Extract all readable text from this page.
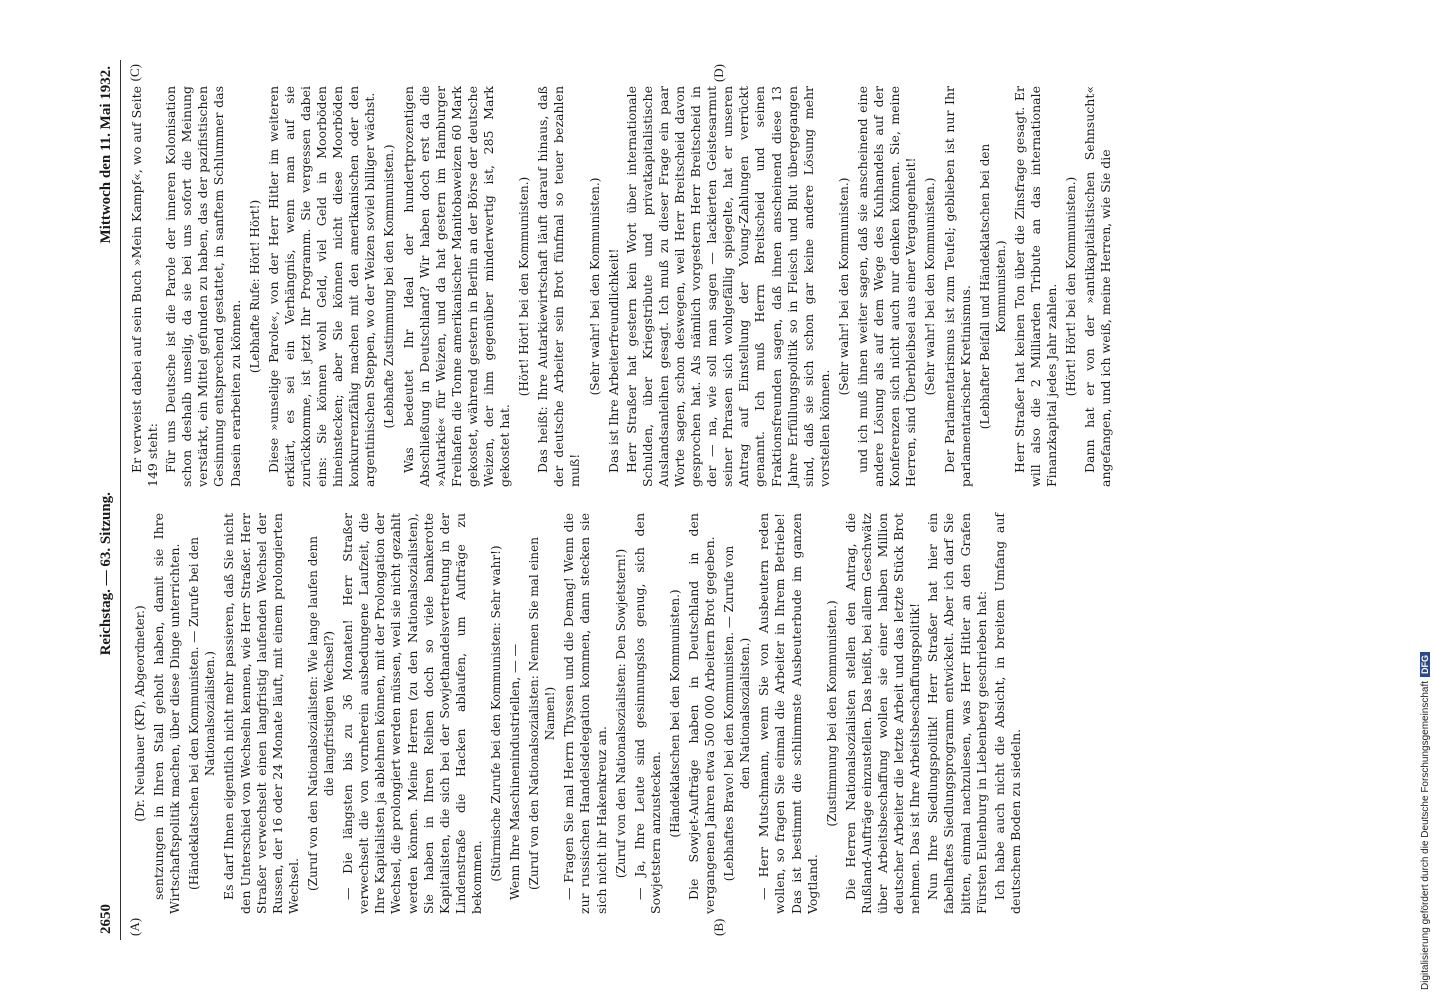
2650
Reichstag. — 63. Sitzung.
Mittwoch den 11. Mai 1932.
(A)	(B)
(C)	(D)

(Dr. Neubauer (KP), Abgeordneter.) sentzungen in Ihren Stall geholt haben, damit sie Ihre Wirtschaftspolitik machen, über diese Dinge unterrichten. (Händeklatschen bei den Kommunisten. — Zurufe bei den Nationalsozialisten.) Es darf Ihnen eigentlich nicht mehr passieren, daß Sie nicht den Unterschied von Wechseln kennen, wie Herr Straßer. Herr Straßer verwechselt einen langfristig laufenden Wechsel der Russen, der 16 oder 24 Monate läuft, mit einem prolongierten Wechsel. (Zuruf von den Nationalsozialisten: Wie lange laufen denn die langfristigen Wechsel?) — Die längsten bis zu 36 Monaten! Herr Straßer verwechselt die von vornherein ausbedungene Laufzeit, die Ihre Kapitalisten ja ablehnen können, mit der Prolongation der Wechsel, die prolongiert werden müssen, weil sie nicht gezahlt werden können. Meine Herren (zu den Nationalsozialisten), Sie haben in Ihren Reihen doch so viele bankerotte Kapitalisten, die sich bei der Sowjethandelsvertretung in der Lindenstraße die Hacken ablaufen, um Aufträge zu bekommen. (Stürmische Zurufe bei den Kommunisten: Sehr wahr!) Wenn Ihre Maschinenindustriellen, — — (Zuruf von den Nationalsozialisten: Nennen Sie mal einen Namen!) — Fragen Sie mal Herrn Thyssen und die Demag! Wenn die zur russischen Handelsdelegation kommen, dann stecken sie sich nicht ihr Hakenkreuz an. (Zuruf von den Nationalsozialisten: Den Sowjetstern!) — Ja, Ihre Leute sind gesinnungslos genug, sich den Sowjetstern anzustecken. (Händeklatschen bei den Kommunisten.) Die Sowjet-Aufträge haben in Deutschland in den vergangenen Jahren etwa 500 000 Arbeitern Brot gegeben. (Lebhaftes Bravo! bei den Kommunisten. — Zurufe von den Nationalsozialisten.) — Herr Mutschmann, wenn Sie von Ausbeutern reden wollen, so fragen Sie einmal die Arbeiter in Ihrem Betriebe! Das ist bestimmt die schlimmste Ausbeuterbude im ganzen Vogtland.

(Zustimmung bei den Kommunisten.) Die Herren Nationalsozialisten stellen den Antrag, die Rußland-Aufträge einzustellen. Das heißt, bei allem Geschwätz über Arbeitsbeschaffung wollen sie einer halben Million deutscher Arbeiter die letzte Arbeit und das letzte Stück Brot nehmen. Das ist Ihre Arbeitsbeschaffungspolitik! Nun Ihre Siedlungspolitik! Herr Straßer hat hier ein fabelhaftes Siedlungsprogramm entwickelt. Aber ich darf Sie bitten, einmal nachzulesen, was Herr Hitler an den Grafen Fürsten Eulenburg in Liebenberg geschrieben hat: Ich habe auch nicht die Absicht, in breitem Umfang auf deutschem Boden zu siedeln.

Er verweist dabei auf sein Buch »Mein Kampf«, wo auf Seite 149 steht: Für uns Deutsche ist die Parole der inneren Kolonisation schon deshalb unselig, da sie bei uns sofort die Meinung verstärkt, ein Mittel gefunden zu haben, das der pazifistischen Gesinnung entsprechend gestattet, in sanftem Schlummer das Dasein erarbeiten zu können.

(Lebhafte Rufe: Hört! Hört!) Diese »unselige Parole«, von der Herr Hitler im weiteren erklärt, es sei ein Verhängnis, wenn man auf sie zurückkomme, ist jetzt Ihr Programm. Sie vergessen dabei eins: Sie können wohl Geld, viel Geld in Moorböden hineinstecken; aber Sie können nicht diese Moorböden konkurrenzfähig machen mit den amerikanischen oder den argentinischen Steppen, wo der Weizen soviel billiger wächst. (Lebhafte Zustimmung bei den Kommunisten.) Was bedeutet Ihr Ideal der hundertprozentigen Abschließung in Deutschland? Wir haben doch erst da die »Autarkie« für Weizen, und da hat gestern im Hamburger Freihafen die Tonne amerikanischer Manitobaweizen 60 Mark gekostet, während gestern in Berlin an der Börse der deutsche Weizen, der ihm gegenüber minderwertig ist, 285 Mark gekostet hat.

(Hört! Hört! bei den Kommunisten.) Das heißt: Ihre Autarkiewirtschaft läuft darauf hinaus, daß der deutsche Arbeiter sein Brot fünfmal so teuer bezahlen muß!

(Sehr wahr! bei den Kommunisten.) Das ist Ihre Arbeiterfreundlichkeit! Herr Straßer hat gestern kein Wort über internationale Schulden, über Kriegstribute und privatkapitalistische Auslandsanleihen gesagt. Ich muß zu dieser Frage ein paar Worte sagen, schon deswegen, weil Herr Breitscheid davon gesprochen hat. Als nämlich vorgestern Herr Breitscheid in der — na, wie soll man sagen — lackierten Geistesarmut seiner Phrasen sich wohlgefällig spiegelte, hat er unseren Antrag auf Einstellung der Young-Zahlungen verrückt genannt. Ich muß Herrn Breitscheid und seinen Fraktionsfreunden sagen, daß ihnen anscheinend diese 13 Jahre Erfüllungspolitik so in Fleisch und Blut übergegangen sind, daß sie sich schon gar keine andere Lösung mehr vorstellen können.

(Sehr wahr! bei den Kommunisten.) und ich muß ihnen weiter sagen, daß sie anscheinend eine andere Lösung als auf dem Wege des Kuhhandels auf der Konferenzen sich nicht auch nur denken können. Sie, meine Herren, sind Überbleibsel aus einer Vergangenheit! (Sehr wahr! bei den Kommunisten.) Der Parlamentarismus ist zum Teufel; geblieben ist nur Ihr parlamentarischer Kretinismus. (Lebhafter Beifall und Händeklatschen bei den Kommunisten.) Herr Straßer hat keinen Ton über die Zinsfrage gesagt. Er will also die 2 Milliarden Tribute an das internationale Finanzkapital jedes Jahr zahlen. (Hört! Hört! bei den Kommunisten.) Dann hat er von der »antikapitalistischen Sehnsucht« angefangen, und ich weiß, meine Herren, wie Sie die

Digitalisierung gefördert durch die Deutsche Forschungsgemeinschaft
DFG
